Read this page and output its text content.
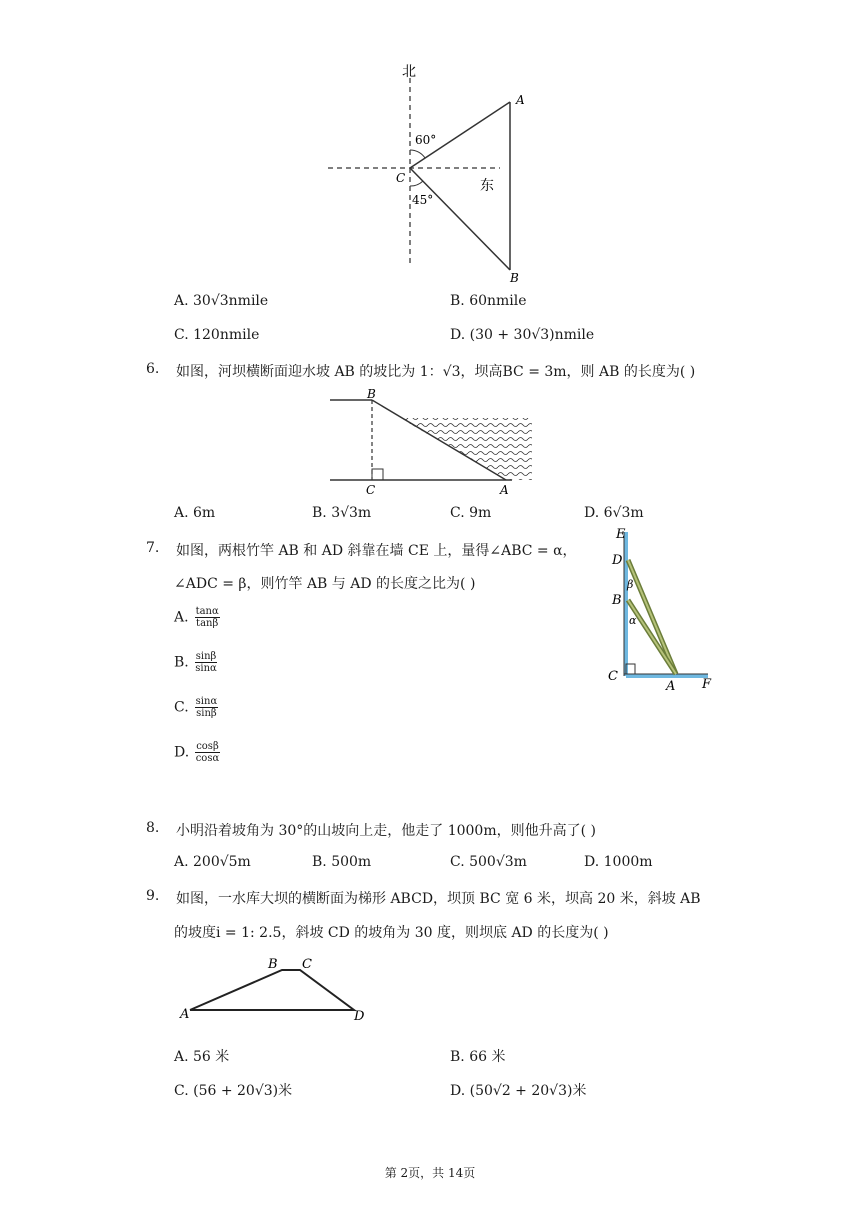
北
东
60°
45°
A
B
C
A. 30√3nmile	B. 60nmile
C. 120nmile	D. (30 + 30√3)nmile
6. 如图，河坝横断面迎水坡 AB 的坡比为 1：√3，坝高BC = 3m，则 AB 的长度为( )
B
C	A
A. 6m	B. 3√3m	C. 9m	D. 6√3m
7. 如图，两根竹竿 AB 和 AD 斜靠在墙 CE 上，量得∠ABC = α，
∠ADC = β，则竹竿 AB 与 AD 的长度之比为( )
A. $\frac{\tan\alpha}{\tan\beta}$
B. $\frac{\sin\beta}{\sin\alpha}$
C. $\frac{\sin\alpha}{\sin\beta}$
D. $\frac{\cos\beta}{\cos\alpha}$
E
D
B
C
A F
β
α
8. 小明沿着坡角为 30°的山坡向上走，他走了 1000m，则他升高了( )
A. 200√5m	B. 500m	C. 500√3m	D. 1000m
9. 如图，一水库大坝的横断面为梯形 ABCD，坝顶 BC 宽 6 米，坝高 20 米，斜坡 AB
的坡度i = 1: 2.5，斜坡 CD 的坡角为 30 度，则坝底 AD 的长度为( )
B C
A	D
A. 56 米	B. 66 米
C. (56 + 20√3)米	D. (50√2 + 20√3)米
第 2页，共 14页
